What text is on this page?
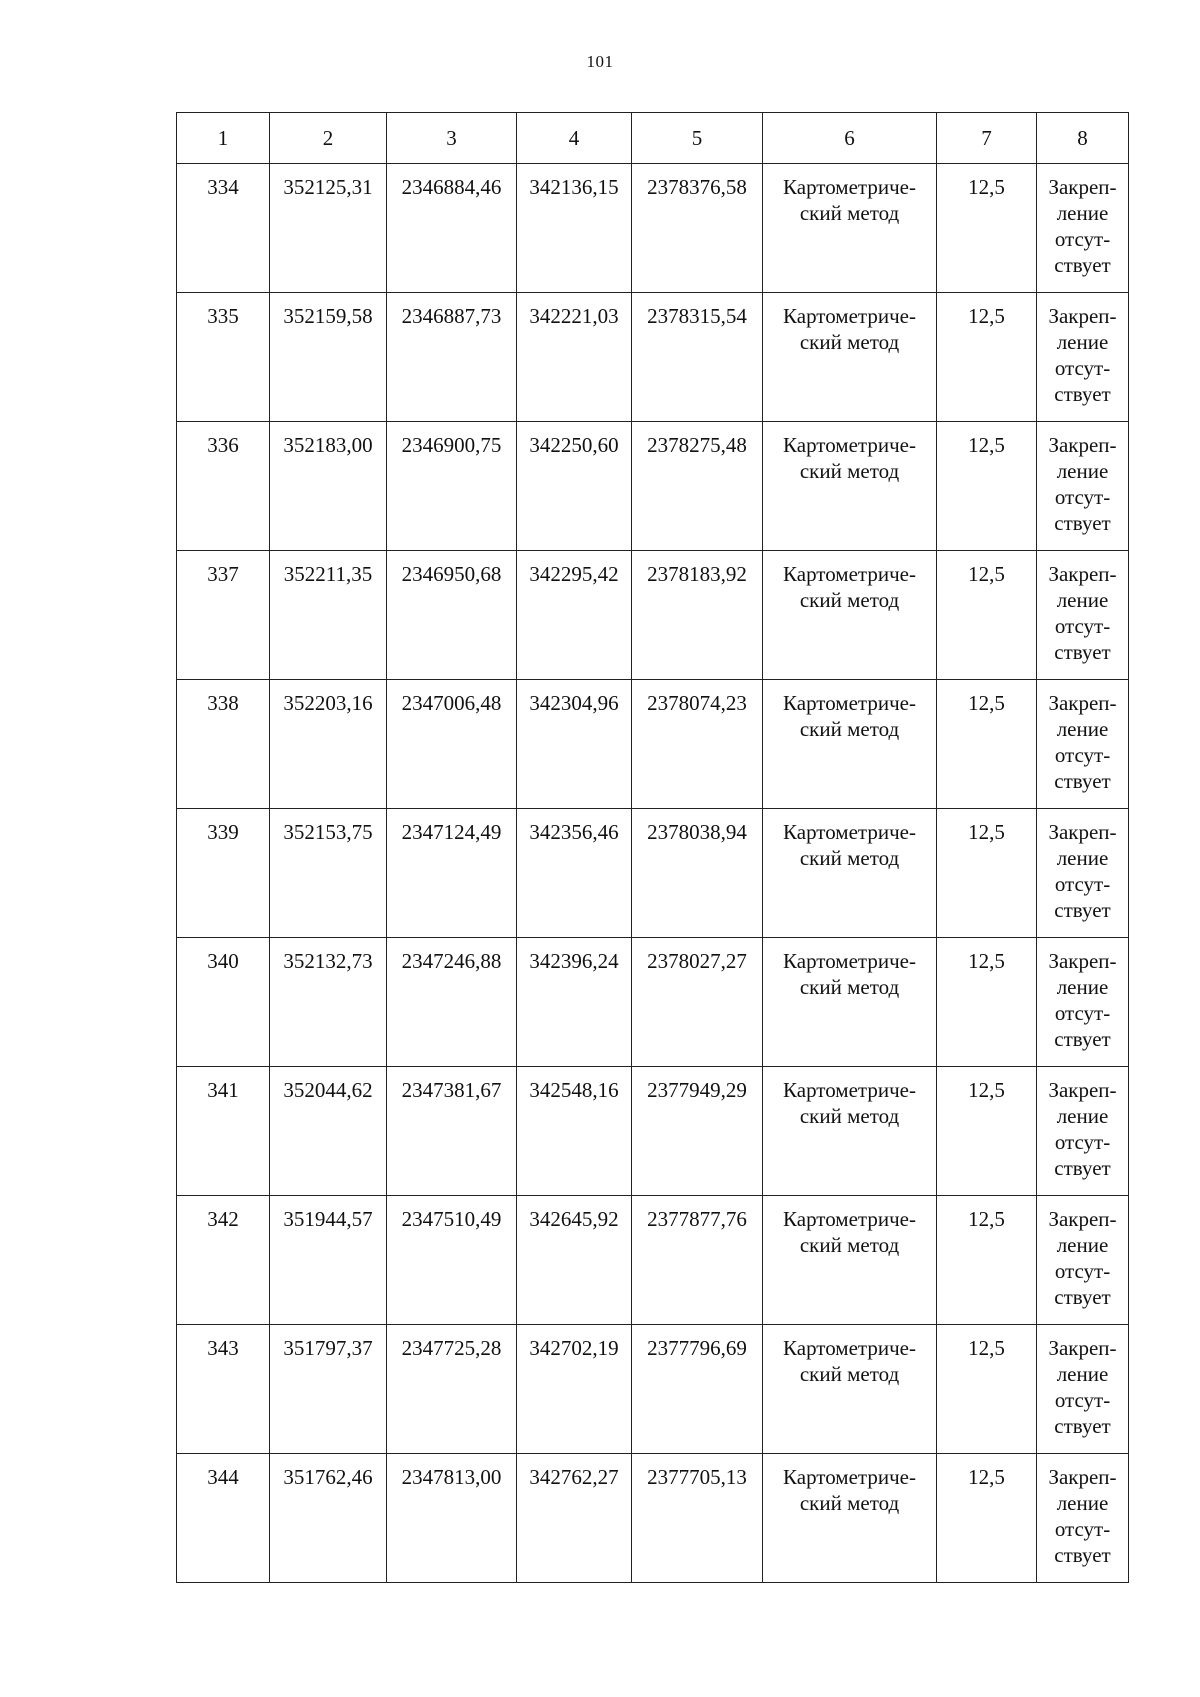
101
1	2	3	4	5	6	7	8
334	352125,31	2346884,46	342136,15	2378376,58	Картометриче-ский метод	12,5	Закреп-ление отсут-ствует
335	352159,58	2346887,73	342221,03	2378315,54	Картометриче-ский метод	12,5	Закреп-ление отсут-ствует
336	352183,00	2346900,75	342250,60	2378275,48	Картометриче-ский метод	12,5	Закреп-ление отсут-ствует
337	352211,35	2346950,68	342295,42	2378183,92	Картометриче-ский метод	12,5	Закреп-ление отсут-ствует
338	352203,16	2347006,48	342304,96	2378074,23	Картометриче-ский метод	12,5	Закреп-ление отсут-ствует
339	352153,75	2347124,49	342356,46	2378038,94	Картометриче-ский метод	12,5	Закреп-ление отсут-ствует
340	352132,73	2347246,88	342396,24	2378027,27	Картометриче-ский метод	12,5	Закреп-ление отсут-ствует
341	352044,62	2347381,67	342548,16	2377949,29	Картометриче-ский метод	12,5	Закреп-ление отсут-ствует
342	351944,57	2347510,49	342645,92	2377877,76	Картометриче-ский метод	12,5	Закреп-ление отсут-ствует
343	351797,37	2347725,28	342702,19	2377796,69	Картометриче-ский метод	12,5	Закреп-ление отсут-ствует
344	351762,46	2347813,00	342762,27	2377705,13	Картометриче-ский метод	12,5	Закреп-ление отсут-ствует
